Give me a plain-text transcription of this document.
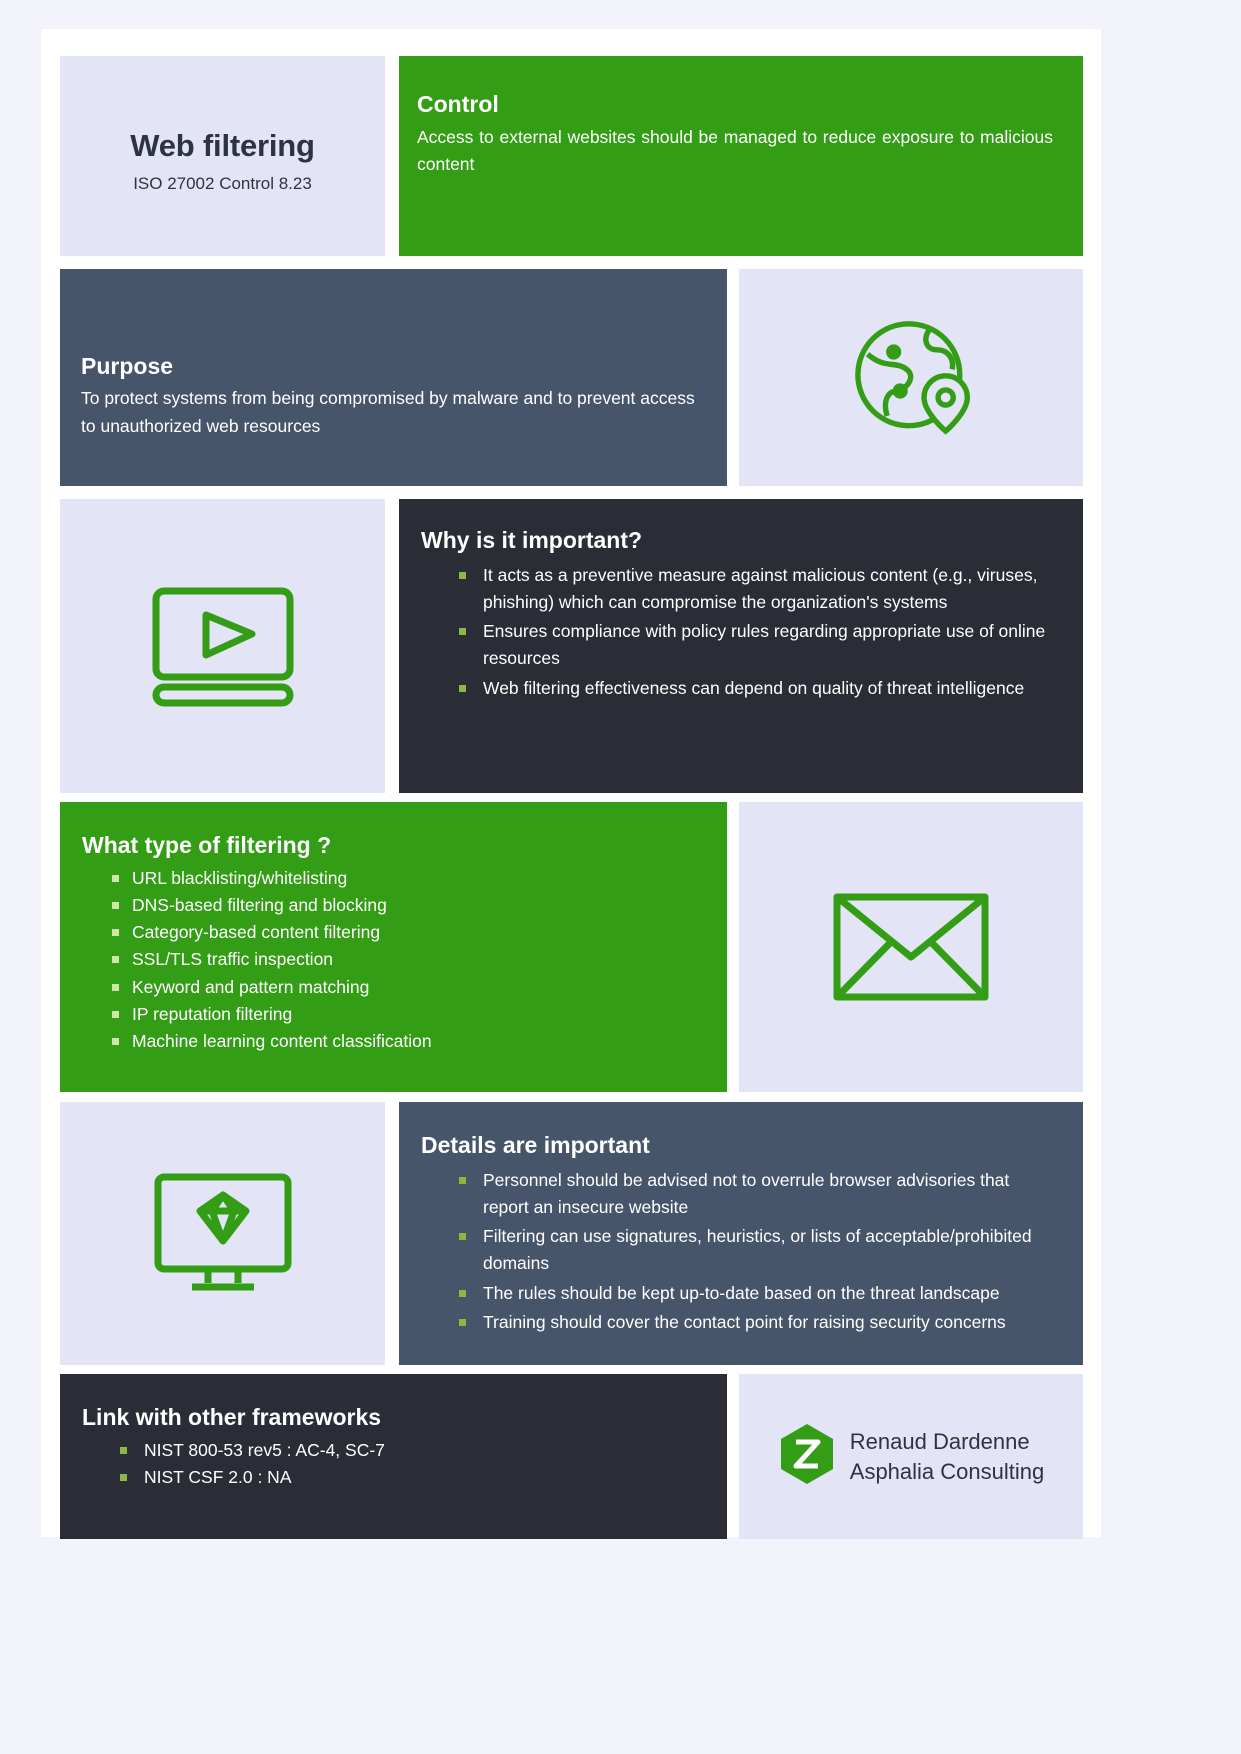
Web filtering
ISO 27002 Control 8.23
Control

Access to external websites should be managed to reduce exposure to malicious content

Purpose

To protect systems from being compromised by malware and to prevent access to unauthorized web resources

Why is it important?
It acts as a preventive measure against malicious content (e.g., viruses, phishing) which can compromise the organization's systems
Ensures compliance with policy rules regarding appropriate use of online resources
Web filtering effectiveness can depend on quality of threat intelligence
What type of filtering ?
URL blacklisting/whitelisting
DNS-based filtering and blocking
Category-based content filtering
SSL/TLS traffic inspection
Keyword and pattern matching
IP reputation filtering
Machine learning content classification
Details are important
Personnel should be advised not to overrule browser advisories that report an insecure website
Filtering can use signatures, heuristics, or lists of acceptable/prohibited domains
The rules should be kept up-to-date based on the threat landscape
Training should cover the contact point for raising security concerns
Link with other frameworks
NIST 800-53 rev5 : AC-4, SC-7
NIST CSF 2.0 : NA
Renaud Dardenne
Asphalia Consulting
